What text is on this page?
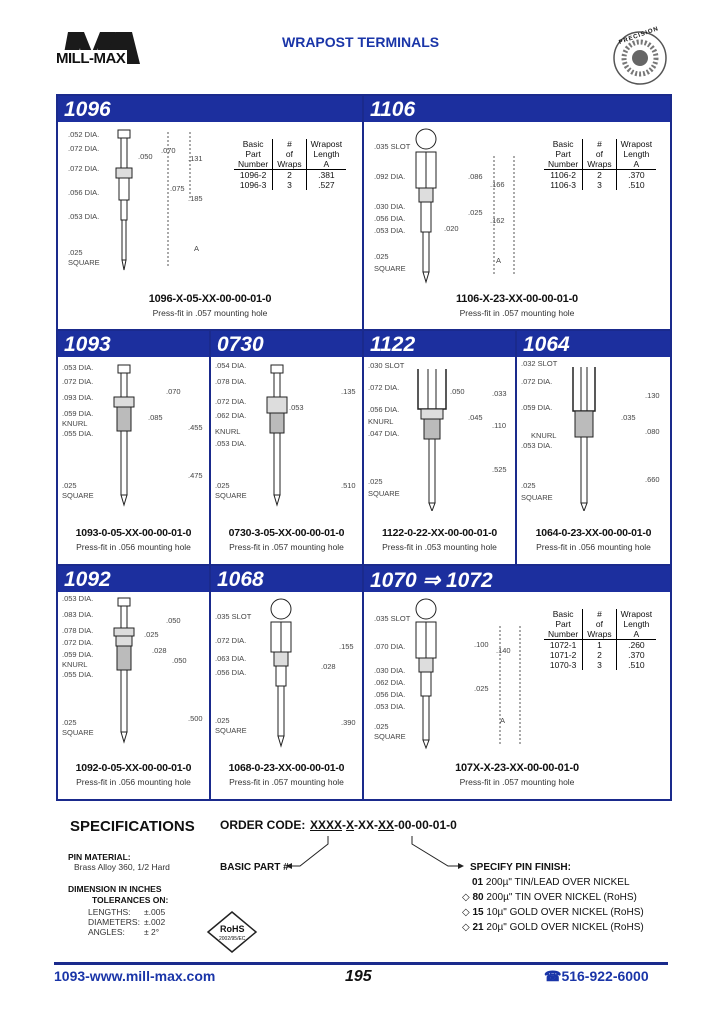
MILL-MAX
WRAPOST TERMINALS	PRECISION
1096
.052 DIA.
.072 DIA.
.072 DIA.
.050
.070
.131
.075
.185
.056 DIA.
.053 DIA.
.025
SQUARE
A
Basic
Part
Number	#
of
Wraps	Wrapost
Length
A
1096-2	2	.381
1096-3	3	.527
1096-X-05-XX-00-00-01-0
Press-fit in .057 mounting hole
1106
.035 SLOT
.092 DIA.	.086
.166
.030 DIA.
.056 DIA.
.053 DIA.
.025
.162
.020
.025
SQUARE
A
Basic
Part
Number	#
of
Wraps	Wrapost
Length
A
1106-2	2	.370
1106-3	3	.510
1106-X-23-XX-00-00-01-0
Press-fit in .057 mounting hole
1093
.053 DIA.
.072 DIA.
.093 DIA.
.059 DIA.
KNURL
.055 DIA.
.070
.085
.455
.025
SQUARE
.475
1093-0-05-XX-00-00-01-0
Press-fit in .056 mounting hole
0730
.054 DIA.
.078 DIA.
.072 DIA.
.062 DIA.
KNURL
.053 DIA.
.053
.135
.025
SQUARE
.510
0730-3-05-XX-00-00-01-0
Press-fit in .057 mounting hole
1122
.030 SLOT
.072 DIA.
.056 DIA.
KNURL
.047 DIA.
.050	.033
.045
.110
.025
SQUARE
.525
1122-0-22-XX-00-00-01-0
Press-fit in .053 mounting hole
1064
.032 SLOT
.072 DIA.
.059 DIA.
KNURL
.053 DIA.
.130
.035
.080
.025
SQUARE
.660
1064-0-23-XX-00-00-01-0
Press-fit in .056 mounting hole
1092
.053 DIA.
.083 DIA.
.078 DIA.
.072 DIA.
.059 DIA.
KNURL
.055 DIA.
.050
.025
.028
.050
.025
SQUARE
.500
1092-0-05-XX-00-00-01-0
Press-fit in .056 mounting hole
1068
.035 SLOT
.072 DIA.
.063 DIA.
.056 DIA.
.155
.028
.025
SQUARE
.390
1068-0-23-XX-00-00-01-0
Press-fit in .057 mounting hole
1070 ⇒ 1072
.035 SLOT
.070 DIA.
.030 DIA.
.062 DIA.
.056 DIA.
.053 DIA.
.100
.140
.025
.025
SQUARE
A
Basic
Part
Number	#
of
Wraps	Wrapost
Length
A
1072-1	1	.260
1071-2	2	.370
1070-3	3	.510
107X-X-23-XX-00-00-01-0
Press-fit in .057 mounting hole
SPECIFICATIONS
PIN MATERIAL:
Brass Alloy 360, 1/2 Hard
DIMENSION IN INCHES
TOLERANCES ON:
LENGTHS: ±.005
DIAMETERS: ±.002
ANGLES: ± 2°	RoHS
2002/95/EC
ORDER CODE: XXXX-X-XX-XX-00-00-01-0
BASIC PART #	SPECIFY PIN FINISH:
01 200µ" TIN/LEAD OVER NICKEL
◇ 80 200µ" TIN OVER NICKEL (RoHS)
◇ 15 10µ" GOLD OVER NICKEL (RoHS)
◇ 21 20µ" GOLD OVER NICKEL (RoHS)
1093-www.mill-max.com	195	☎516-922-6000
